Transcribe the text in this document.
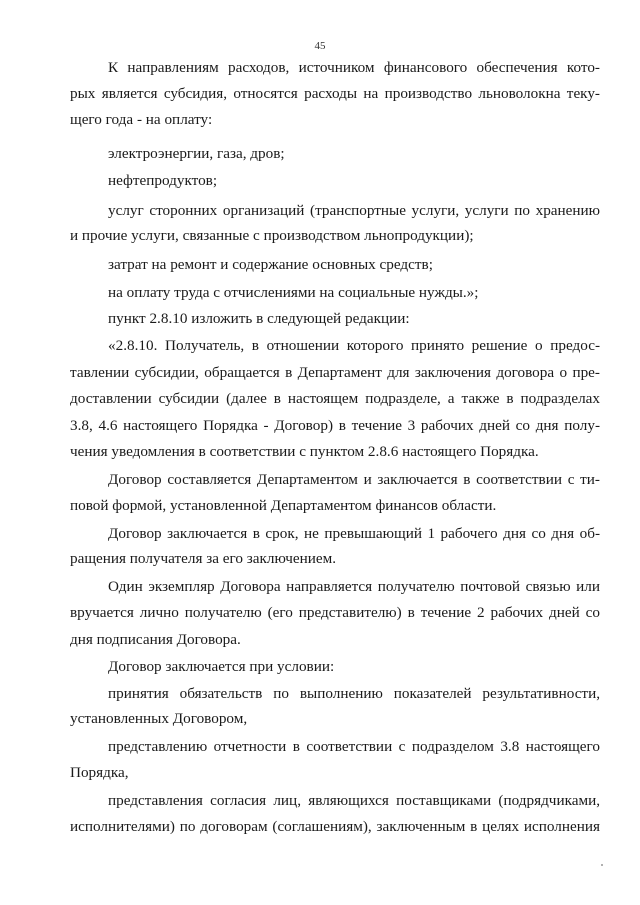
45
К направлениям расходов, источником финансового обеспечения кото-
рых является субсидия, относятся расходы на производство льноволокна теку-
щего года - на оплату:
электроэнергии, газа, дров;
нефтепродуктов;
услуг сторонних организаций (транспортные услуги, услуги по хранению
и прочие услуги, связанные с производством льнопродукции);
затрат на ремонт и содержание основных средств;
на оплату труда с отчислениями на социальные нужды.»;
пункт 2.8.10 изложить в следующей редакции:
«2.8.10. Получатель, в отношении которого принято решение о предос-
тавлении субсидии, обращается в Департамент для заключения договора о пре-
доставлении субсидии (далее в настоящем подразделе, а также в подразделах
3.8, 4.6 настоящего Порядка - Договор) в течение 3 рабочих дней со дня полу-
чения уведомления в соответствии с пунктом 2.8.6 настоящего Порядка.
Договор составляется Департаментом и заключается в соответствии с ти-
повой формой, установленной Департаментом финансов области.
Договор заключается в срок, не превышающий 1 рабочего дня со дня об-
ращения получателя за его заключением.
Один экземпляр Договора направляется получателю почтовой связью или
вручается лично получателю (его представителю) в течение 2 рабочих дней со
дня подписания Договора.
Договор заключается при условии:
принятия обязательств по выполнению показателей результативности,
установленных Договором,
представлению отчетности в соответствии с подразделом 3.8 настоящего
Порядка,
представления согласия лиц, являющихся поставщиками (подрядчиками,
исполнителями) по договорам (соглашениям), заключенным в целях исполнения
